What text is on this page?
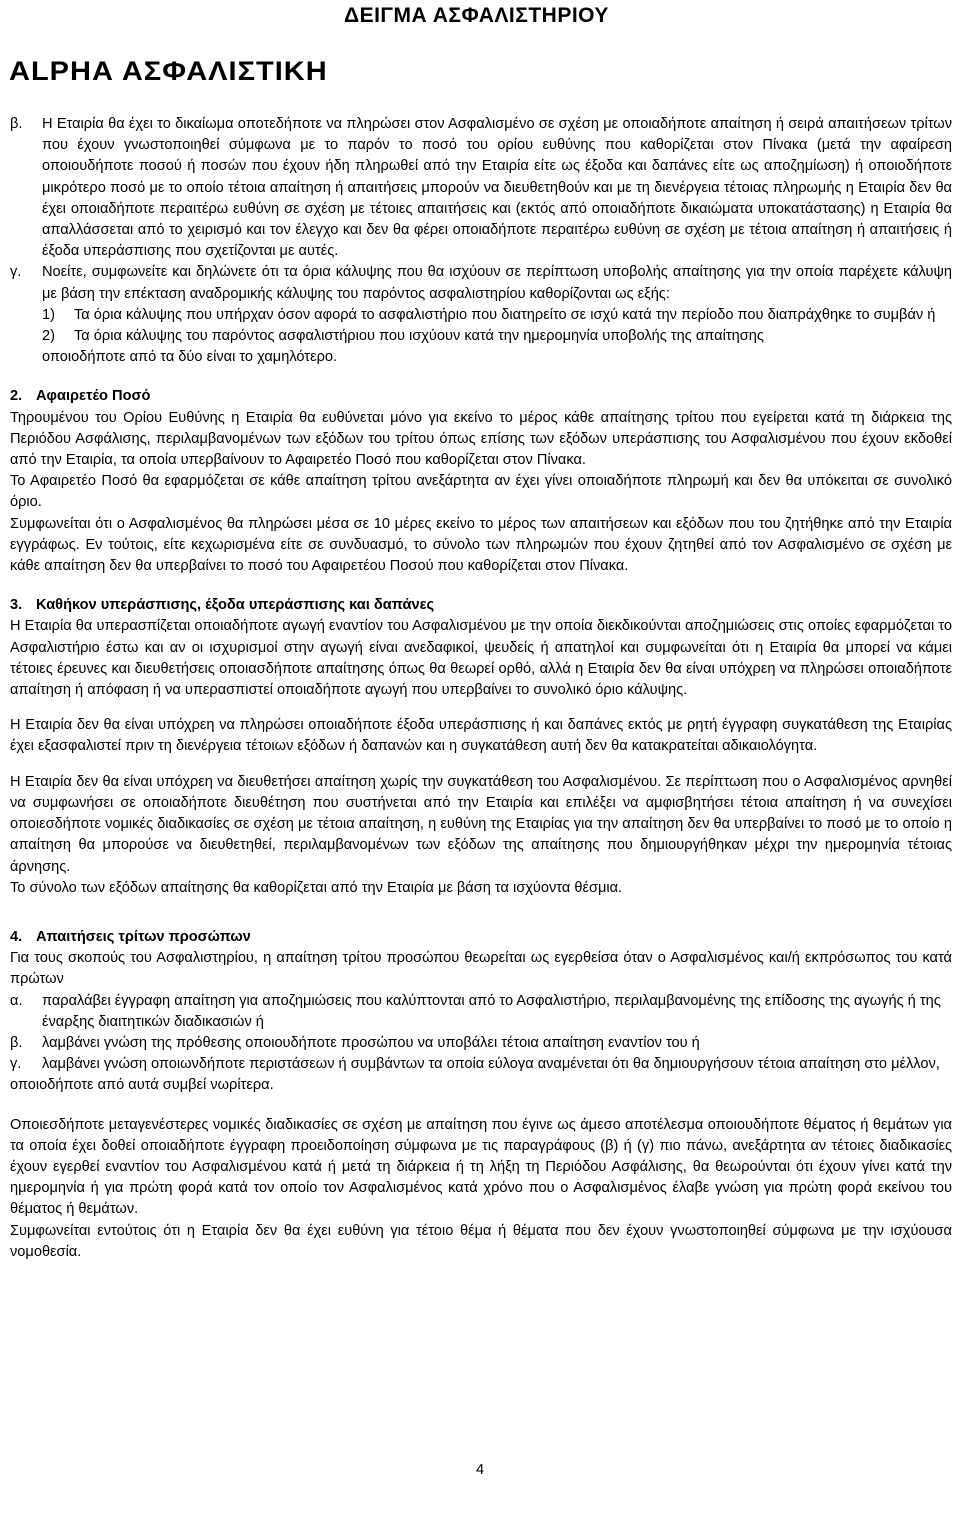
ΔΕΙΓΜΑ ΑΣΦΑΛΙΣΤΗΡΙΟΥ
ALPHA ΑΣΦΑΛΙΣΤΙΚΗ
β.	Η Εταιρία θα έχει το δικαίωμα οποτεδήποτε να πληρώσει στον Ασφαλισμένο σε σχέση με οποιαδήποτε απαίτηση ή σειρά απαιτήσεων τρίτων που έχουν γνωστοποιηθεί σύμφωνα με το παρόν το ποσό του ορίου ευθύνης που καθορίζεται στον Πίνακα (μετά την αφαίρεση οποιουδήποτε ποσού ή ποσών που έχουν ήδη πληρωθεί από την Εταιρία είτε ως έξοδα και δαπάνες είτε ως αποζημίωση) ή οποιοδήποτε μικρότερο ποσό με το οποίο τέτοια απαίτηση ή απαιτήσεις μπορούν να διευθετηθούν και με τη διενέργεια τέτοιας πληρωμής η Εταιρία δεν θα έχει οποιαδήποτε περαιτέρω ευθύνη σε σχέση με τέτοιες απαιτήσεις και (εκτός από οποιαδήποτε δικαιώματα υποκατάστασης) η Εταιρία θα απαλλάσσεται από το χειρισμό και τον έλεγχο και δεν θα φέρει οποιαδήποτε περαιτέρω ευθύνη σε σχέση με τέτοια απαίτηση ή απαιτήσεις ή έξοδα υπεράσπισης που σχετίζονται με αυτές.
γ.	Νοείτε, συμφωνείτε και δηλώνετε ότι τα όρια κάλυψης που θα ισχύουν σε περίπτωση υποβολής απαίτησης για την οποία παρέχετε κάλυψη με βάση την επέκταση αναδρομικής κάλυψης του παρόντος ασφαλιστηρίου καθορίζονται ως εξής:
1)	Τα όρια κάλυψης που υπήρχαν όσον αφορά το ασφαλιστήριο που διατηρείτο σε ισχύ κατά την περίοδο που διαπράχθηκε το συμβάν ή
2)	Τα όρια κάλυψης του παρόντος ασφαλιστήριου που ισχύουν κατά την ημερομηνία υποβολής της απαίτησης

οποιοδήποτε από τα δύο είναι το χαμηλότερο.

2. Αφαιρετέο Ποσό

Τηρουμένου του Ορίου Ευθύνης η Εταιρία θα ευθύνεται μόνο για εκείνο το μέρος κάθε απαίτησης τρίτου που εγείρεται κατά τη διάρκεια της Περιόδου Ασφάλισης, περιλαμβανομένων των εξόδων του τρίτου όπως επίσης των εξόδων υπεράσπισης του Ασφαλισμένου που έχουν εκδοθεί από την Εταιρία, τα οποία υπερβαίνουν το Αφαιρετέο Ποσό που καθορίζεται στον Πίνακα.

Το Αφαιρετέο Ποσό θα εφαρμόζεται σε κάθε απαίτηση τρίτου ανεξάρτητα αν έχει γίνει οποιαδήποτε πληρωμή και δεν θα υπόκειται σε συνολικό όριο.

Συμφωνείται ότι ο Ασφαλισμένος θα πληρώσει μέσα σε 10 μέρες εκείνο το μέρος των απαιτήσεων και εξόδων που του ζητήθηκε από την Εταιρία εγγράφως. Εν τούτοις, είτε κεχωρισμένα είτε σε συνδυασμό, το σύνολο των πληρωμών που έχουν ζητηθεί από τον Ασφαλισμένο σε σχέση με κάθε απαίτηση δεν θα υπερβαίνει το ποσό του Αφαιρετέου Ποσού που καθορίζεται στον Πίνακα.

3. Καθήκον υπεράσπισης, έξοδα υπεράσπισης και δαπάνες

Η Εταιρία θα υπερασπίζεται οποιαδήποτε αγωγή εναντίον του Ασφαλισμένου με την οποία διεκδικούνται αποζημιώσεις στις οποίες εφαρμόζεται το Ασφαλιστήριο έστω και αν οι ισχυρισμοί στην αγωγή είναι ανεδαφικοί, ψευδείς ή απατηλοί και συμφωνείται ότι η Εταιρία θα μπορεί να κάμει τέτοιες έρευνες και διευθετήσεις οποιασδήποτε απαίτησης όπως θα θεωρεί ορθό, αλλά η Εταιρία δεν θα είναι υπόχρεη να πληρώσει οποιαδήποτε απαίτηση ή απόφαση ή να υπερασπιστεί οποιαδήποτε αγωγή που υπερβαίνει το συνολικό όριο κάλυψης.

Η Εταιρία δεν θα είναι υπόχρεη να πληρώσει οποιαδήποτε έξοδα υπεράσπισης ή και δαπάνες εκτός με ρητή έγγραφη συγκατάθεση της Εταιρίας έχει εξασφαλιστεί πριν τη διενέργεια τέτοιων εξόδων ή δαπανών και η συγκατάθεση αυτή δεν θα κατακρατείται αδικαιολόγητα.

Η Εταιρία δεν θα είναι υπόχρεη να διευθετήσει απαίτηση χωρίς την συγκατάθεση του Ασφαλισμένου. Σε περίπτωση που ο Ασφαλισμένος αρνηθεί να συμφωνήσει σε οποιαδήποτε διευθέτηση που συστήνεται από την Εταιρία και επιλέξει να αμφισβητήσει τέτοια απαίτηση ή να συνεχίσει οποιεσδήποτε νομικές διαδικασίες σε σχέση με τέτοια απαίτηση, η ευθύνη της Εταιρίας για την απαίτηση δεν θα υπερβαίνει το ποσό με το οποίο η απαίτηση θα μπορούσε να διευθετηθεί, περιλαμβανομένων των εξόδων της απαίτησης που δημιουργήθηκαν μέχρι την ημερομηνία τέτοιας άρνησης.

Το σύνολο των εξόδων απαίτησης θα καθορίζεται από την Εταιρία με βάση τα ισχύοντα θέσμια.

4. Απαιτήσεις τρίτων προσώπων

Για τους σκοπούς του Ασφαλιστηρίου, η απαίτηση τρίτου προσώπου θεωρείται ως εγερθείσα όταν ο Ασφαλισμένος και/ή εκπρόσωπος του κατά πρώτων

α.	παραλάβει έγγραφη απαίτηση για αποζημιώσεις που καλύπτονται από το Ασφαλιστήριο, περιλαμβανομένης της επίδοσης της αγωγής ή της έναρξης διαιτητικών διαδικασιών ή
β.	λαμβάνει γνώση της πρόθεσης οποιουδήποτε προσώπου να υποβάλει τέτοια απαίτηση εναντίον του ή
γ.	λαμβάνει γνώση οποιωνδήποτε περιστάσεων ή συμβάντων τα οποία εύλογα αναμένεται ότι θα δημιουργήσουν τέτοια απαίτηση στο μέλλον,

οποιοδήποτε από αυτά συμβεί νωρίτερα.

Οποιεσδήποτε μεταγενέστερες νομικές διαδικασίες σε σχέση με απαίτηση που έγινε ως άμεσο αποτέλεσμα οποιουδήποτε θέματος ή θεμάτων για τα οποία έχει δοθεί οποιαδήποτε έγγραφη προειδοποίηση σύμφωνα με τις παραγράφους (β) ή (γ) πιο πάνω, ανεξάρτητα αν τέτοιες διαδικασίες έχουν εγερθεί εναντίον του Ασφαλισμένου κατά ή μετά τη διάρκεια ή τη λήξη τη Περιόδου Ασφάλισης, θα θεωρούνται ότι έχουν γίνει κατά την ημερομηνία ή για πρώτη φορά κατά τον οποίο τον Ασφαλισμένος κατά χρόνο που ο Ασφαλισμένος έλαβε γνώση για πρώτη φορά εκείνου του θέματος ή θεμάτων.

Συμφωνείται εντούτοις ότι η Εταιρία δεν θα έχει ευθύνη για τέτοιο θέμα ή θέματα που δεν έχουν γνωστοποιηθεί σύμφωνα με την ισχύουσα νομοθεσία.

4
